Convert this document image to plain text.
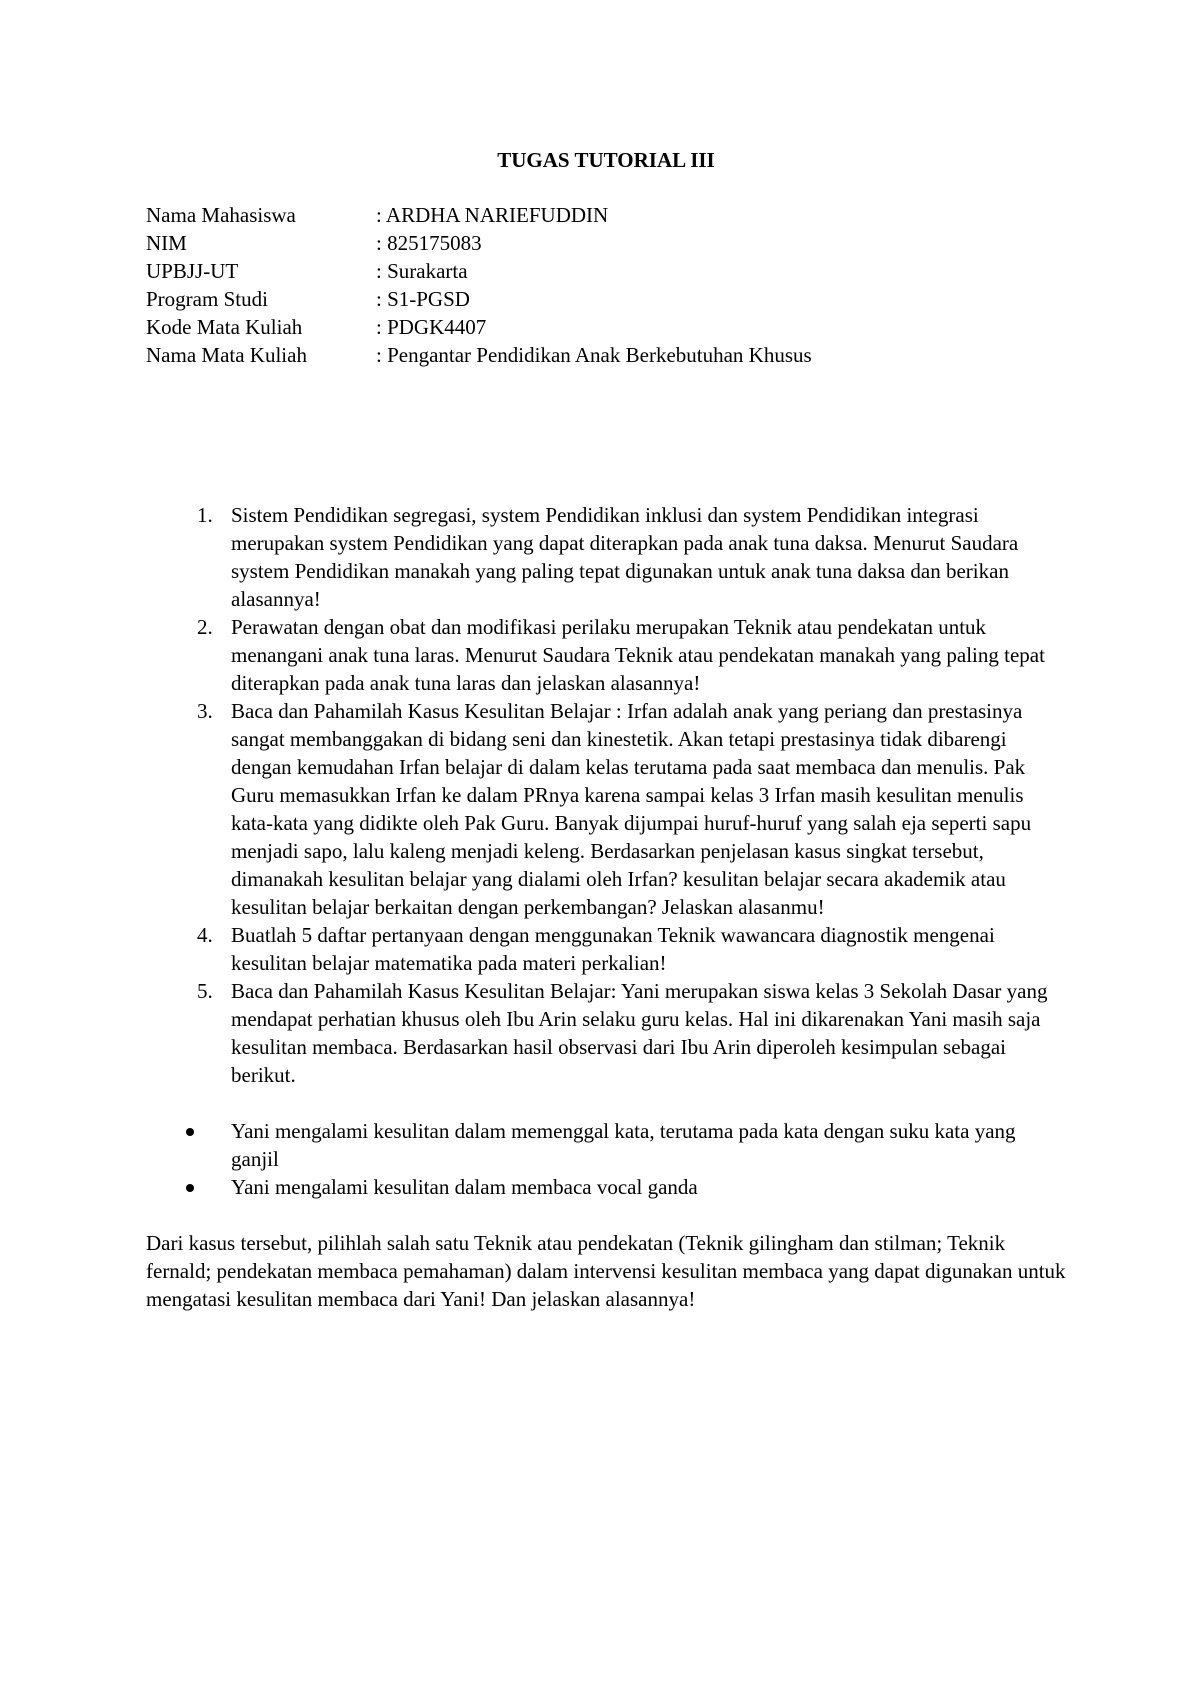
TUGAS TUTORIAL III
Nama Mahasiswa	: ARDHA NARIEFUDDIN
NIM	: 825175083
UPBJJ-UT	: Surakarta
Program Studi	: S1-PGSD
Kode Mata Kuliah	: PDGK4407
Nama Mata Kuliah	: Pengantar Pendidikan Anak Berkebutuhan Khusus
1. Sistem Pendidikan segregasi, system Pendidikan inklusi dan system Pendidikan integrasi merupakan system Pendidikan yang dapat diterapkan pada anak tuna daksa. Menurut Saudara system Pendidikan manakah yang paling tepat digunakan untuk anak tuna daksa dan berikan alasannya!
2. Perawatan dengan obat dan modifikasi perilaku merupakan Teknik atau pendekatan untuk menangani anak tuna laras. Menurut Saudara Teknik atau pendekatan manakah yang paling tepat diterapkan pada anak tuna laras dan jelaskan alasannya!
3. Baca dan Pahamilah Kasus Kesulitan Belajar : Irfan adalah anak yang periang dan prestasinya sangat membanggakan di bidang seni dan kinestetik. Akan tetapi prestasinya tidak dibarengi dengan kemudahan Irfan belajar di dalam kelas terutama pada saat membaca dan menulis. Pak Guru memasukkan Irfan ke dalam PRnya karena sampai kelas 3 Irfan masih kesulitan menulis kata-kata yang didikte oleh Pak Guru. Banyak dijumpai huruf-huruf yang salah eja seperti sapu menjadi sapo, lalu kaleng menjadi keleng. Berdasarkan penjelasan kasus singkat tersebut, dimanakah kesulitan belajar yang dialami oleh Irfan? kesulitan belajar secara akademik atau kesulitan belajar berkaitan dengan perkembangan? Jelaskan alasanmu!
4. Buatlah 5 daftar pertanyaan dengan menggunakan Teknik wawancara diagnostik mengenai kesulitan belajar matematika pada materi perkalian!
5. Baca dan Pahamilah Kasus Kesulitan Belajar: Yani merupakan siswa kelas 3 Sekolah Dasar yang mendapat perhatian khusus oleh Ibu Arin selaku guru kelas. Hal ini dikarenakan Yani masih saja kesulitan membaca. Berdasarkan hasil observasi dari Ibu Arin diperoleh kesimpulan sebagai berikut.
Yani mengalami kesulitan dalam memenggal kata, terutama pada kata dengan suku kata yang ganjil
Yani mengalami kesulitan dalam membaca vocal ganda

Dari kasus tersebut, pilihlah salah satu Teknik atau pendekatan (Teknik gilingham dan stilman; Teknik fernald; pendekatan membaca pemahaman) dalam intervensi kesulitan membaca yang dapat digunakan untuk mengatasi kesulitan membaca dari Yani! Dan jelaskan alasannya!
